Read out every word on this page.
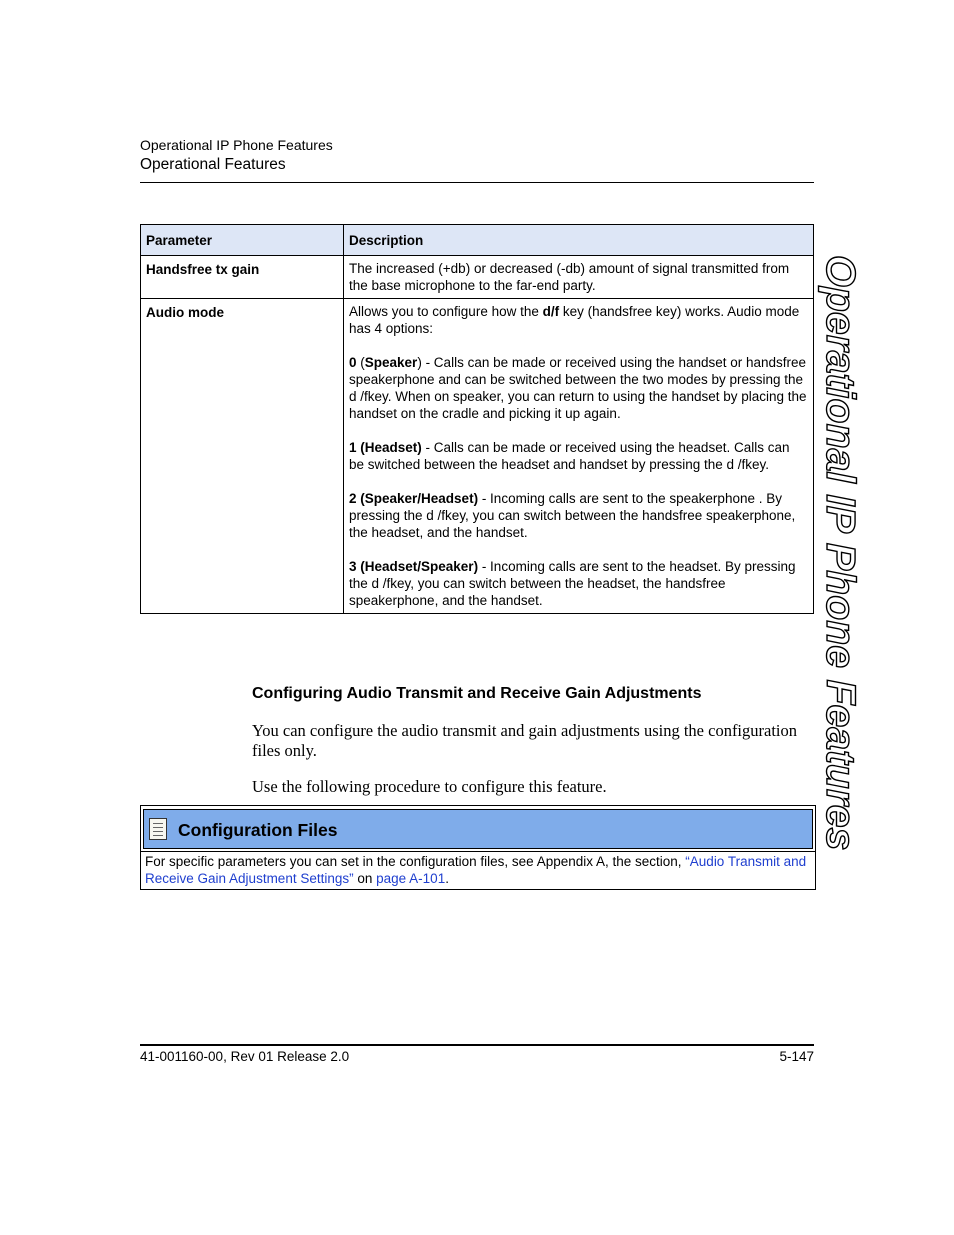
Operational IP Phone Features
Operational Features
Operational IP Phone Features
Parameter	Description
Handsfree tx gain	The increased (+db) or decreased (-db) amount of signal transmitted from the base microphone to the far-end party.
Audio mode	Allows you to configure how the d/f key (handsfree key) works. Audio mode has 4 options:

0 (Speaker) - Calls can be made or received using the handset or handsfree speakerphone and can be switched between the two modes by pressing the d /fkey. When on speaker, you can return to using the handset by placing the handset on the cradle and picking it up again.

1 (Headset) - Calls can be made or received using the headset. Calls can be switched between the headset and handset by pressing the d /fkey.

2 (Speaker/Headset) - Incoming calls are sent to the speakerphone . By pressing the d /fkey, you can switch between the handsfree speakerphone, the headset, and the handset.

3 (Headset/Speaker) - Incoming calls are sent to the headset. By pressing the d /fkey, you can switch between the headset, the handsfree speakerphone, and the handset.

Configuring Audio Transmit and Receive Gain Adjustments
You can configure the audio transmit and gain adjustments using the configuration files only.
Use the following procedure to configure this feature.
Configuration Files
For specific parameters you can set in the configuration files, see Appendix A, the section, “Audio Transmit and Receive Gain Adjustment Settings” on page A-101.
41-001160-00, Rev 01 Release 2.0	5-147
